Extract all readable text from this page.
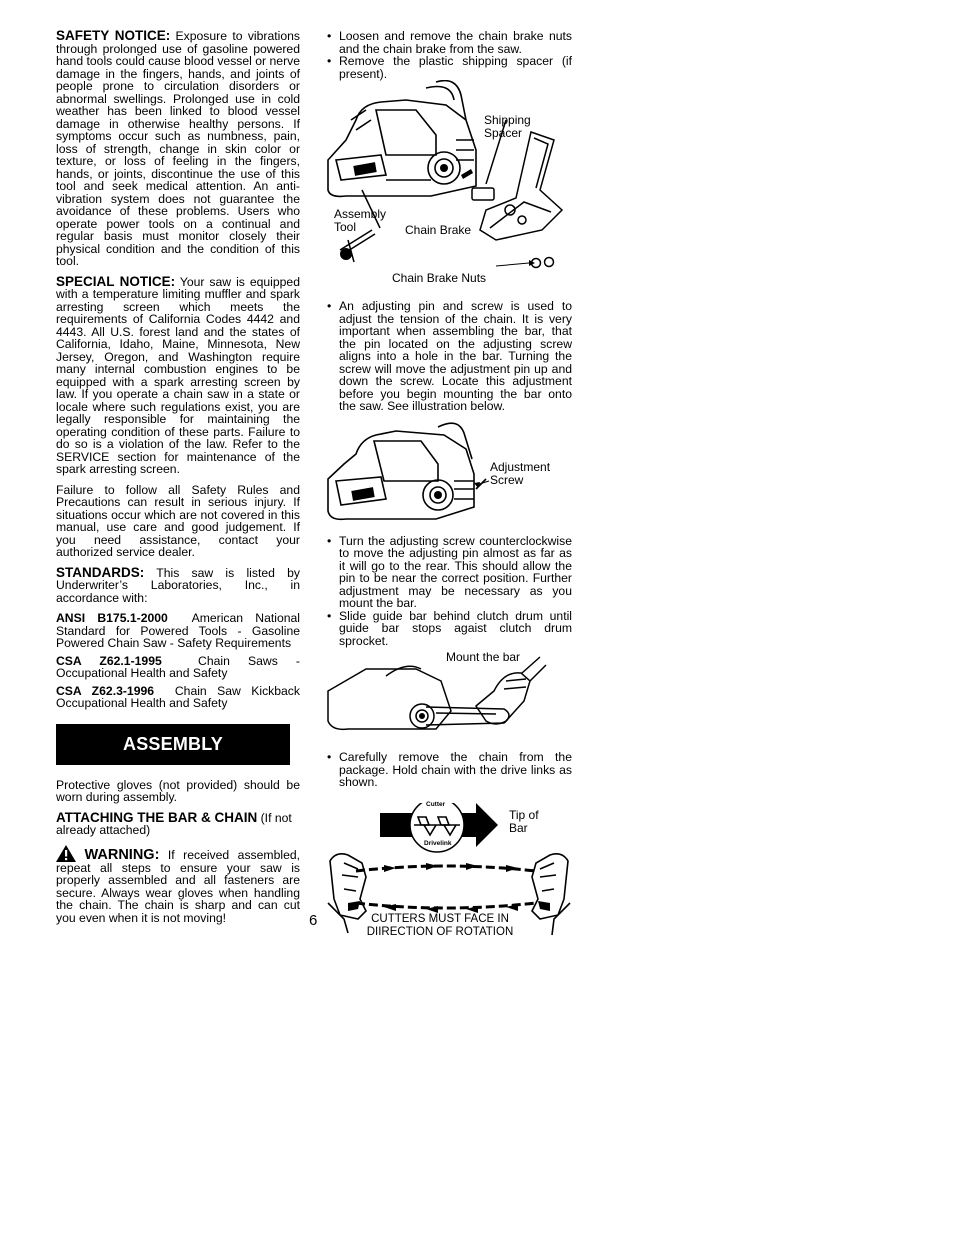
SAFETY NOTICE: Exposure to vibrations through prolonged use of gasoline powered hand tools could cause blood vessel or nerve damage in the fingers, hands, and joints of people prone to circulation disorders or abnormal swellings. Prolonged use in cold weather has been linked to blood vessel damage in otherwise healthy persons. If symptoms occur such as numbness, pain, loss of strength, change in skin color or texture, or loss of feeling in the fingers, hands, or joints, discontinue the use of this tool and seek medical attention. An anti-vibration system does not guarantee the avoidance of these problems. Users who operate power tools on a continual and regular basis must monitor closely their physical condition and the condition of this tool.

SPECIAL NOTICE: Your saw is equipped with a temperature limiting muffler and spark arresting screen which meets the requirements of California Codes 4442 and 4443. All U.S. forest land and the states of California, Idaho, Maine, Minnesota, New Jersey, Oregon, and Washington require many internal combustion engines to be equipped with a spark arresting screen by law. If you operate a chain saw in a state or locale where such regulations exist, you are legally responsible for maintaining the operating condition of these parts. Failure to do so is a violation of the law. Refer to the SERVICE section for maintenance of the spark arresting screen.

Failure to follow all Safety Rules and Precautions can result in serious injury. If situations occur which are not covered in this manual, use care and good judgement. If you need assistance, contact your authorized service dealer.

STANDARDS: This saw is listed by Underwriter’s Laboratories, Inc., in accordance with:

ANSI B175.1-2000 American National Standard for Powered Tools - Gasoline Powered Chain Saw - Safety Requirements

CSA Z62.1-1995	Chain Saws - Occupational Health and Safety

CSA Z62.3-1996 Chain Saw Kickback Occupational Health and Safety

ASSEMBLY

Protective gloves (not provided) should be worn during assembly.

ATTACHING THE BAR & CHAIN (If not already attached)

WARNING: If received assembled, repeat all steps to ensure your saw is properly assembled and all fasteners are secure. Always wear gloves when handling the chain. The chain is sharp and can cut you even when it is not moving!

• Loosen and remove the chain brake nuts and the chain brake from the saw.
• Remove the plastic shipping spacer (if present).
Shipping Spacer
Assembly Tool	Chain Brake
Chain Brake Nuts
• An adjusting pin and screw is used to adjust the tension of the chain. It is very important when assembling the bar, that the pin located on the adjusting screw aligns into a hole in the bar. Turning the screw will move the adjustment pin up and down the screw. Locate this adjustment before you begin mounting the bar onto the saw. See illustration below.
Adjustment Screw
• Turn the adjusting screw counterclockwise to move the adjusting pin almost as far as it will go to the rear. This should allow the pin to be near the correct position. Further adjustment may be necessary as you mount the bar.
• Slide guide bar behind clutch drum until guide bar stops agaist clutch drum sprocket.
Mount the bar
• Carefully remove the chain from the package. Hold chain with the drive links as shown.
Cutter
Drivelink
Tip of Bar
CUTTERS MUST FACE IN DIIRECTION OF ROTATION
6
